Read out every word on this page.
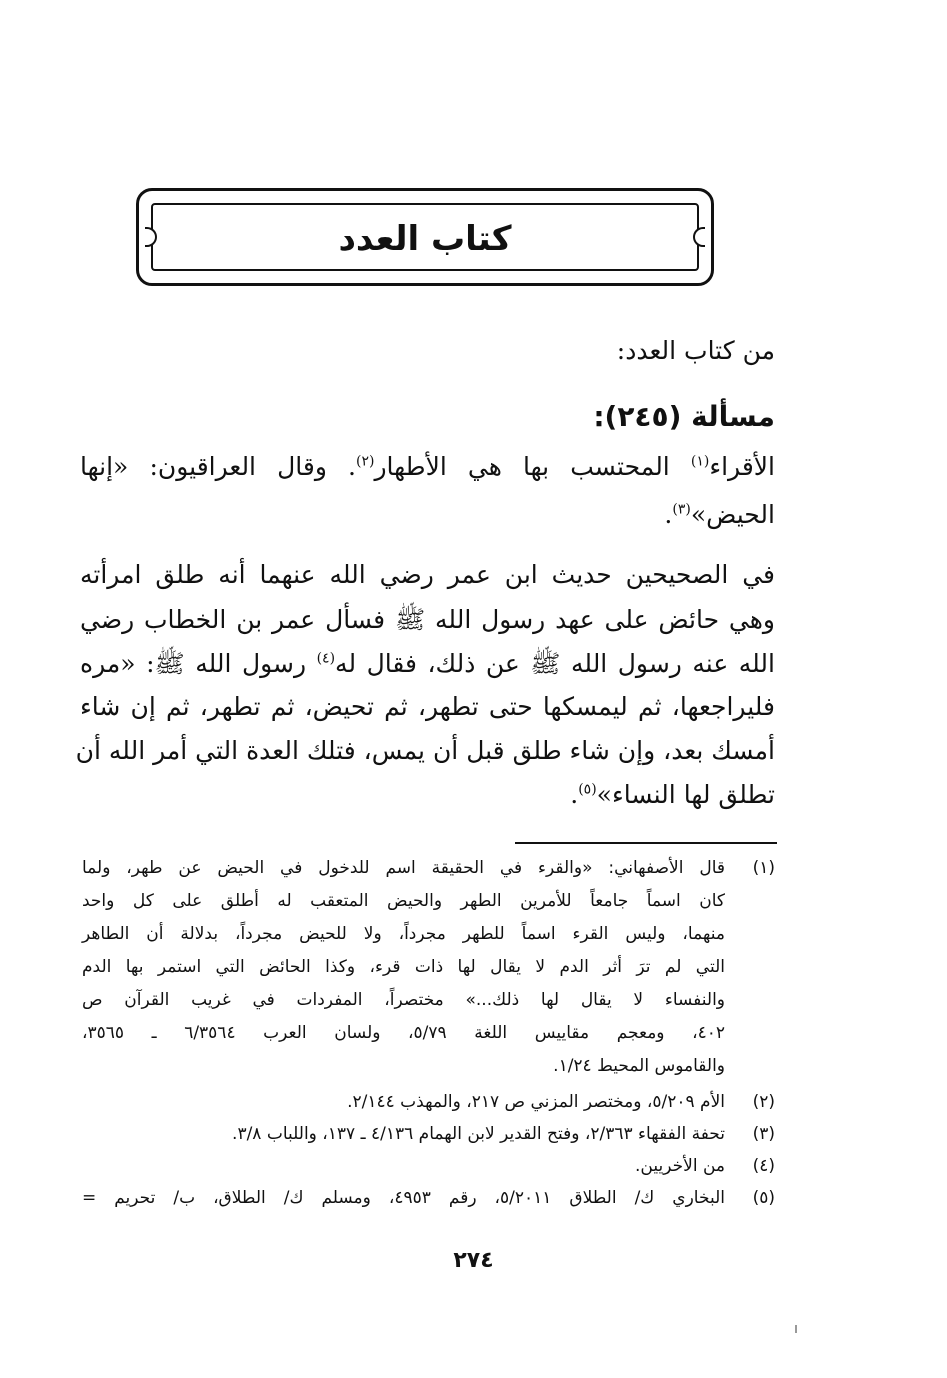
كتاب العدد
من كتاب العدد:
مسألة (٢٤٥):
الأقراء$^{(١)}$ المحتسب بها هي الأطهار$^{(٢)}$. وقال العراقيون: «إنها
الحيض»$^{(٣)}$.
في الصحيحين حديث ابن عمر رضي الله عنهما أنه طلق امرأته
وهي حائض على عهد رسول الله ﷺ فسأل عمر بن الخطاب رضي
الله عنه رسول الله ﷺ عن ذلك، فقال له$^{(٤)}$ رسول الله ﷺ: «مره
فليراجعها، ثم ليمسكها حتى تطهر، ثم تحيض، ثم تطهر، ثم إن شاء
أمسك بعد، وإن شاء طلق قبل أن يمس، فتلك العدة التي أمر الله أن
تطلق لها النساء»$^{(٥)}$.
(١)
قال الأصفهاني: «والقرء في الحقيقة اسم للدخول في الحيض عن طهر، ولما
كان اسماً جامعاً للأمرين الطهر والحيض المتعقب له أطلق على كل واحد
منهما، وليس القرء اسماً للطهر مجرداً، ولا للحيض مجرداً، بدلالة أن الطاهر
التي لم ترَ أثر الدم لا يقال لها ذات قرء، وكذا الحائض التي استمر بها الدم
والنفساء لا يقال لها ذلك...» مختصراً، المفردات في غريب القرآن ص
٤٠٢، ومعجم مقاييس اللغة ٥/٧٩، ولسان العرب ٦/٣٥٦٤ ـ ٣٥٦٥،
والقاموس المحيط ١/٢٤.
(٢)
الأم ٥/٢٠٩، ومختصر المزني ص ٢١٧، والمهذب ٢/١٤٤.
(٣)
تحفة الفقهاء ٢/٣٦٣، وفتح القدير لابن الهمام ٤/١٣٦ ـ ١٣٧، واللباب ٣/٨.
(٤)
من الأخريين.
(٥)
البخاري ك/ الطلاق ٥/٢٠١١، رقم ٤٩٥٣، ومسلم ك/ الطلاق، ب/ تحريم =
٢٧٤
